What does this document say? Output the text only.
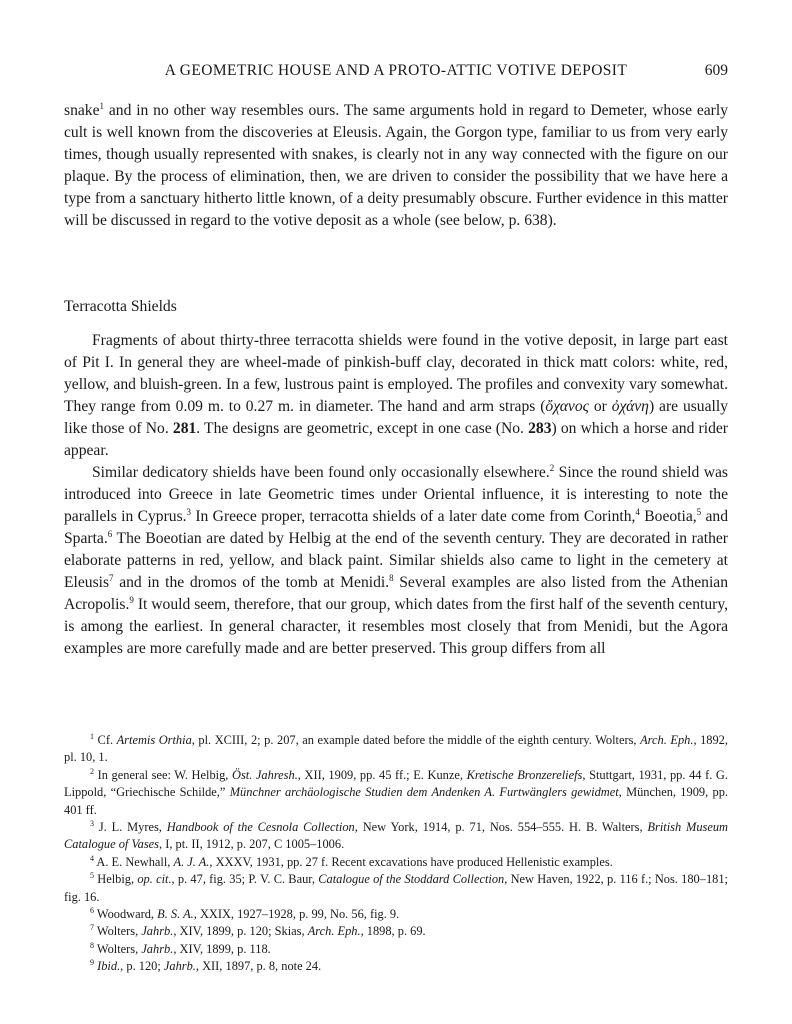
A GEOMETRIC HOUSE AND A PROTO-ATTIC VOTIVE DEPOSIT	609

snake$^1$ and in no other way resembles ours. The same arguments hold in regard to Demeter, whose early cult is well known from the discoveries at Eleusis. Again, the Gorgon type, familiar to us from very early times, though usually represented with snakes, is clearly not in any way connected with the figure on our plaque. By the process of elimination, then, we are driven to consider the possibility that we have here a type from a sanctuary hitherto little known, of a deity presumably obscure. Further evidence in this matter will be discussed in regard to the votive deposit as a whole (see below, p. 638).

Terracotta Shields

Fragments of about thirty-three terracotta shields were found in the votive deposit, in large part east of Pit I. In general they are wheel-made of pinkish-buff clay, decorated in thick matt colors: white, red, yellow, and bluish-green. In a few, lustrous paint is employed. The profiles and convexity vary somewhat. They range from 0.09 m. to 0.27 m. in diameter. The hand and arm straps (ὄχανος or ὀχάνη) are usually like those of No. 281. The designs are geometric, except in one case (No. 283) on which a horse and rider appear.

Similar dedicatory shields have been found only occasionally elsewhere.$^2$ Since the round shield was introduced into Greece in late Geometric times under Oriental influence, it is interesting to note the parallels in Cyprus.$^3$ In Greece proper, terracotta shields of a later date come from Corinth,$^4$ Boeotia,$^5$ and Sparta.$^6$ The Boeotian are dated by Helbig at the end of the seventh century. They are decorated in rather elaborate patterns in red, yellow, and black paint. Similar shields also came to light in the cemetery at Eleusis$^7$ and in the dromos of the tomb at Menidi.$^8$ Several examples are also listed from the Athenian Acropolis.$^9$ It would seem, therefore, that our group, which dates from the first half of the seventh century, is among the earliest. In general character, it resembles most closely that from Menidi, but the Agora examples are more carefully made and are better preserved. This group differs from all

$^1$ Cf. Artemis Orthia, pl. XCIII, 2; p. 207, an example dated before the middle of the eighth century. Wolters, Arch. Eph., 1892, pl. 10, 1.

$^2$ In general see: W. Helbig, Öst. Jahresh., XII, 1909, pp. 45 ff.; E. Kunze, Kretische Bronzereliefs, Stuttgart, 1931, pp. 44 f. G. Lippold, “Griechische Schilde,” Münchner archäologische Studien dem Andenken A. Furtwänglers gewidmet, München, 1909, pp. 401 ff.

$^3$ J. L. Myres, Handbook of the Cesnola Collection, New York, 1914, p. 71, Nos. 554–555. H. B. Walters, British Museum Catalogue of Vases, I, pt. II, 1912, p. 207, C 1005–1006.

$^4$ A. E. Newhall, A. J. A., XXXV, 1931, pp. 27 f. Recent excavations have produced Hellenistic examples.

$^5$ Helbig, op. cit., p. 47, fig. 35; P. V. C. Baur, Catalogue of the Stoddard Collection, New Haven, 1922, p. 116 f.; Nos. 180–181; fig. 16.

$^6$ Woodward, B. S. A., XXIX, 1927–1928, p. 99, No. 56, fig. 9.

$^7$ Wolters, Jahrb., XIV, 1899, p. 120; Skias, Arch. Eph., 1898, p. 69.

$^8$ Wolters, Jahrb., XIV, 1899, p. 118.

$^9$ Ibid., p. 120; Jahrb., XII, 1897, p. 8, note 24.
